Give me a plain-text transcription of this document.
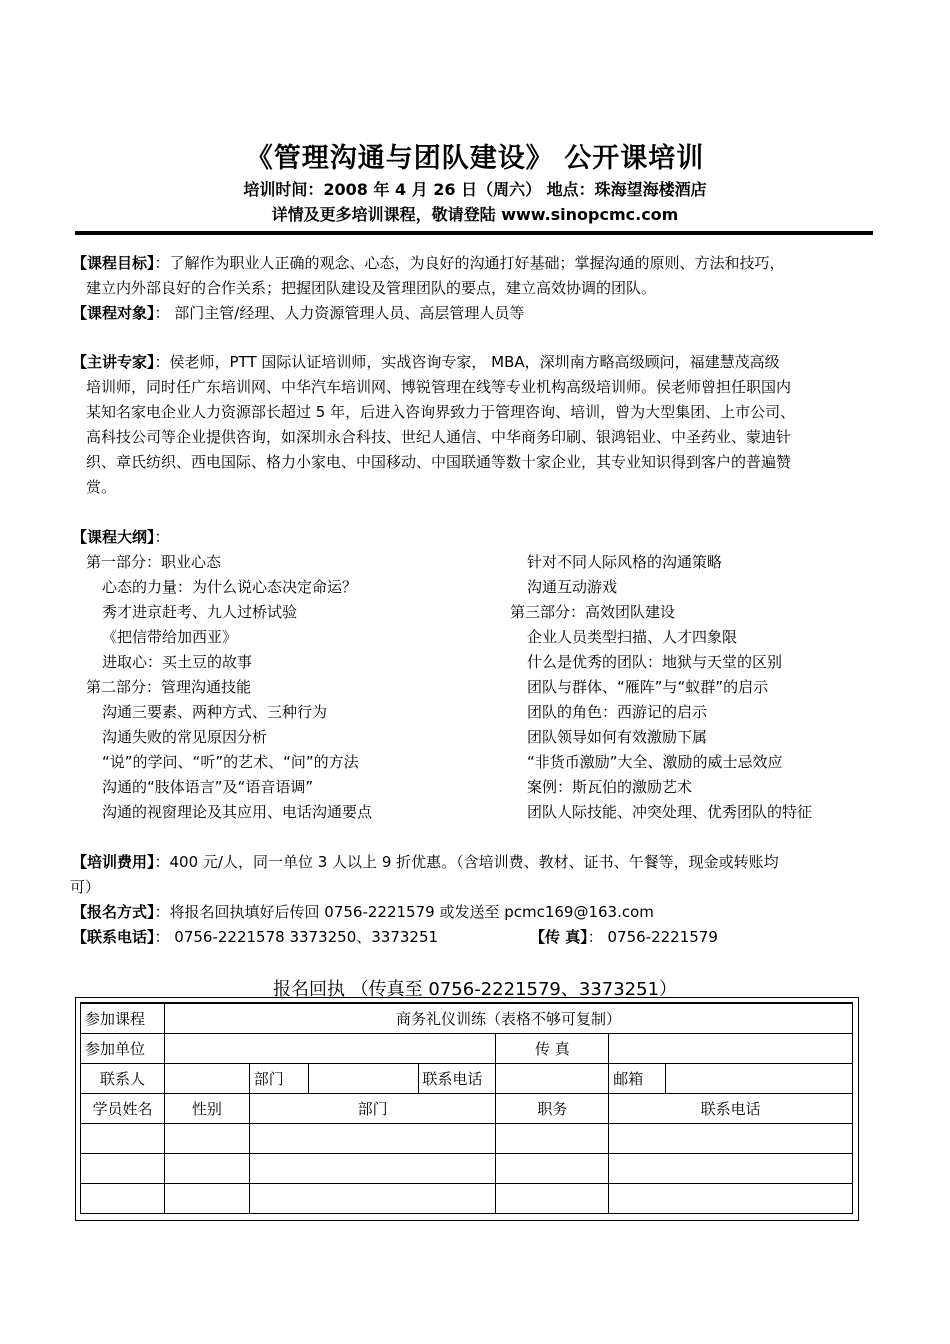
《管理沟通与团队建设》 公开课培训
培训时间：2008 年 4 月 26 日（周六） 地点：珠海望海楼酒店
详情及更多培训课程，敬请登陆 www.sinopcmc.com
【课程目标】：了解作为职业人正确的观念、心态，为良好的沟通打好基础；掌握沟通的原则、方法和技巧，
建立内外部良好的合作关系；把握团队建设及管理团队的要点，建立高效协调的团队。
【课程对象】： 部门主管/经理、人力资源管理人员、高层管理人员等
【主讲专家】：侯老师，PTT 国际认证培训师，实战咨询专家， MBA，深圳南方略高级顾问，福建慧茂高级
培训师，同时任广东培训网、中华汽车培训网、博锐管理在线等专业机构高级培训师。侯老师曾担任职国内
某知名家电企业人力资源部长超过 5 年，后进入咨询界致力于管理咨询、培训，曾为大型集团、上市公司、
高科技公司等企业提供咨询，如深圳永合科技、世纪人通信、中华商务印刷、银鸿铝业、中圣药业、蒙迪针
织、章氏纺织、西电国际、格力小家电、中国移动、中国联通等数十家企业，其专业知识得到客户的普遍赞
赏。
【课程大纲】：
第一部分：职业心态
心态的力量：为什么说心态决定命运？
秀才进京赶考、九人过桥试验
《把信带给加西亚》
进取心：买土豆的故事
第二部分：管理沟通技能
沟通三要素、两种方式、三种行为
沟通失败的常见原因分析
“说”的学问、“听”的艺术、“问”的方法
沟通的“肢体语言”及“语音语调”
沟通的视窗理论及其应用、电话沟通要点
针对不同人际风格的沟通策略
沟通互动游戏
第三部分：高效团队建设
企业人员类型扫描、人才四象限
什么是优秀的团队：地狱与天堂的区别
团队与群体、“雁阵”与“蚁群”的启示
团队的角色：西游记的启示
团队领导如何有效激励下属
“非货币激励”大全、激励的威士忌效应
案例：斯瓦伯的激励艺术
团队人际技能、冲突处理、优秀团队的特征
【培训费用】：400 元/人，同一单位 3 人以上 9 折优惠。（含培训费、教材、证书、午餐等，现金或转账均
可）
【报名方式】：将报名回执填好后传回 0756-2221579 或发送至 pcmc169@163.com
【联系电话】： 0756-2221578 3373250、3373251	【传 真】： 0756-2221579
报名回执 （传真至 0756-2221579、3373251）
参加课程	商务礼仪训练（表格不够可复制）						
参加单位					传 真		
联系人		部门		联系电话		邮箱	
学员姓名	性别	部门			职务	联系电话	
